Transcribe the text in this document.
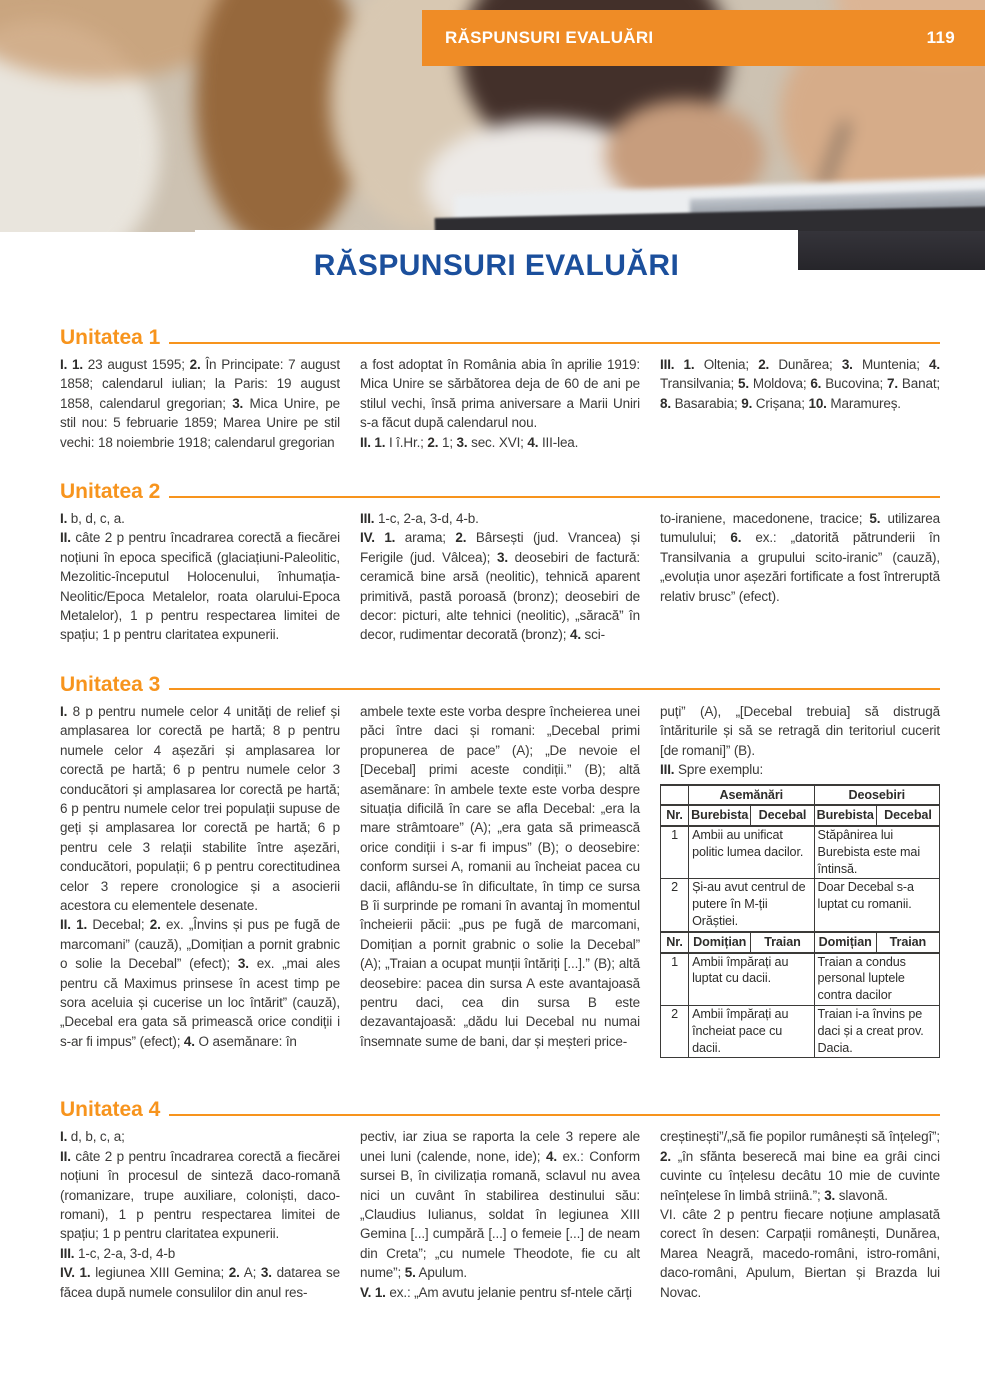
RĂSPUNSURI EVALUĂRI	119
RĂSPUNSURI EVALUĂRI
Unitatea 1

I. 1. 23 august 1595; 2. În Principate: 7 august 1858; calendarul iulian; la Paris: 19 august 1858, calendarul gregorian; 3. Mica Unire, pe stil nou: 5 februarie 1859; Marea Unire pe stil vechi: 18 noiembrie 1918; calendarul gregorian

a fost adoptat în România abia în aprilie 1919: Mica Unire se sărbătorea deja de 60 de ani pe stilul vechi, însă prima aniversare a Marii Uniri s-a făcut după calendarul nou.

II. 1. I î.Hr.; 2. 1; 3. sec. XVI; 4. III-lea.

III. 1. Oltenia; 2. Dunărea; 3. Muntenia; 4. Transilvania; 5. Moldova; 6. Bucovina; 7. Banat; 8. Basarabia; 9. Crișana; 10. Maramureș.

Unitatea 2

I. b, d, c, a.

II. câte 2 p pentru încadrarea corectă a fiecărei noțiuni în epoca specifică (glaciațiuni-Paleolitic, Mezolitic-începutul Holocenului, înhumația-Neolitic/Epoca Metalelor, roata olarului-Epoca Metalelor), 1 p pentru respectarea limitei de spațiu; 1 p pentru claritatea expunerii.

III. 1-c, 2-a, 3-d, 4-b.

IV. 1. arama; 2. Bârsești (jud. Vrancea) și Ferigile (jud. Vâlcea); 3. deosebiri de factură: ceramică bine arsă (neolitic), tehnică aparent primitivă, pastă poroasă (bronz); deosebiri de decor: picturi, alte tehnici (neolitic), „săracă” în decor, rudimentar decorată (bronz); 4. sci-

to-iraniene, macedonene, tracice; 5. utilizarea tumulului; 6. ex.: „datorită pătrunderii în Transilvania a grupului scito-iranic” (cauză), „evoluția unor așezări fortificate a fost întreruptă relativ brusc” (efect).

Unitatea 3

I. 8 p pentru numele celor 4 unități de relief și amplasarea lor corectă pe hartă; 8 p pentru numele celor 4 așezări și amplasarea lor corectă pe hartă; 6 p pentru numele celor 3 conducători și amplasarea lor corectă pe hartă; 6 p pentru numele celor trei populații supuse de geți și amplasarea lor corectă pe hartă; 6 p pentru cele 3 relații stabilite între așezări, conducători, populații; 6 p pentru corectitudinea celor 3 repere cronologice și a asocierii acestora cu elementele desenate.

II. 1. Decebal; 2. ex. „Învins și pus pe fugă de marcomani” (cauză), „Domițian a pornit grabnic o solie la Decebal” (efect); 3. ex. „mai ales pentru că Maximus prinsese în acest timp pe sora aceluia și cucerise un loc întărit” (cauză), „Decebal era gata să primească orice condiții i s-ar fi impus” (efect); 4. O asemănare: în

ambele texte este vorba despre încheierea unei păci între daci și romani: „Decebal primi propunerea de pace” (A); „De nevoie el [Decebal] primi aceste condiții.” (B); altă asemănare: în ambele texte este vorba despre situația dificilă în care se afla Decebal: „era la mare strâmtoare” (A); „era gata să primească orice condiții i s-ar fi impus” (B); o deosebire: conform sursei A, romanii au încheiat pacea cu dacii, aflându-se în dificultate, în timp ce sursa B îi surprinde pe romani în avantaj în momentul încheierii păcii: „pus pe fugă de marcomani, Domițian a pornit grabnic o solie la Decebal” (A); „Traian a ocupat munții întăriți [...].” (B); altă deosebire: pacea din sursa A este avantajoasă pentru daci, cea din sursa B este dezavantajoasă: „dădu lui Decebal nu numai însemnate sume de bani, dar și meșteri price-

puți” (A), „[Decebal trebuia] să distrugă întăriturile și să se retragă din teritoriul cucerit [de romani]” (B).

III. Spre exemplu:

	Asemănări		Deosebiri	
Nr.	Burebista	Decebal	Burebista	Decebal
1	Ambii au unificat politic lumea dacilor.		Stăpânirea lui Burebista este mai întinsă.	
2	Și-au avut centrul de putere în M-ții Orăștiei.		Doar Decebal s-a luptat cu romanii.	
Nr.	Domițian	Traian	Domițian	Traian
1	Ambii împărați au luptat cu dacii.		Traian a condus personal luptele contra dacilor	
2	Ambii împărați au încheiat pace cu dacii.		Traian i-a învins pe daci și a creat prov. Dacia.	
Unitatea 4

I. d, b, c, a;

II. câte 2 p pentru încadrarea corectă a fiecărei noțiuni în procesul de sinteză daco-romană (romanizare, trupe auxiliare, coloniști, daco-romani), 1 p pentru respectarea limitei de spațiu; 1 p pentru claritatea expunerii.

III. 1-c, 2-a, 3-d, 4-b

IV. 1. legiunea XIII Gemina; 2. A; 3. datarea se făcea după numele consulilor din anul res-

pectiv, iar ziua se raporta la cele 3 repere ale unei luni (calende, none, ide); 4. ex.: Conform sursei B, în civilizația romană, sclavul nu avea nici un cuvânt în stabilirea destinului său: „Claudius Iulianus, soldat în legiunea XIII Gemina [...] cumpără [...] o femeie [...] de neam din Creta”; „cu numele Theodote, fie cu alt nume”; 5. Apulum.

V. 1. ex.: „Am avutu jelanie pentru sf-ntele cărți

creștinești”/„să fie popilor rumânești să înțelegî”; 2. „în sfănta beserecă mai bine ea grâi cinci cuvinte cu înțelesu decâtu 10 mie de cuvinte neînțelese în limbâ striinâ.”; 3. slavonă.

VI. câte 2 p pentru fiecare noțiune amplasată corect în desen: Carpații românești, Dunărea, Marea Neagră, macedo-români, istro-români, daco-români, Apulum, Biertan și Brazda lui Novac.
